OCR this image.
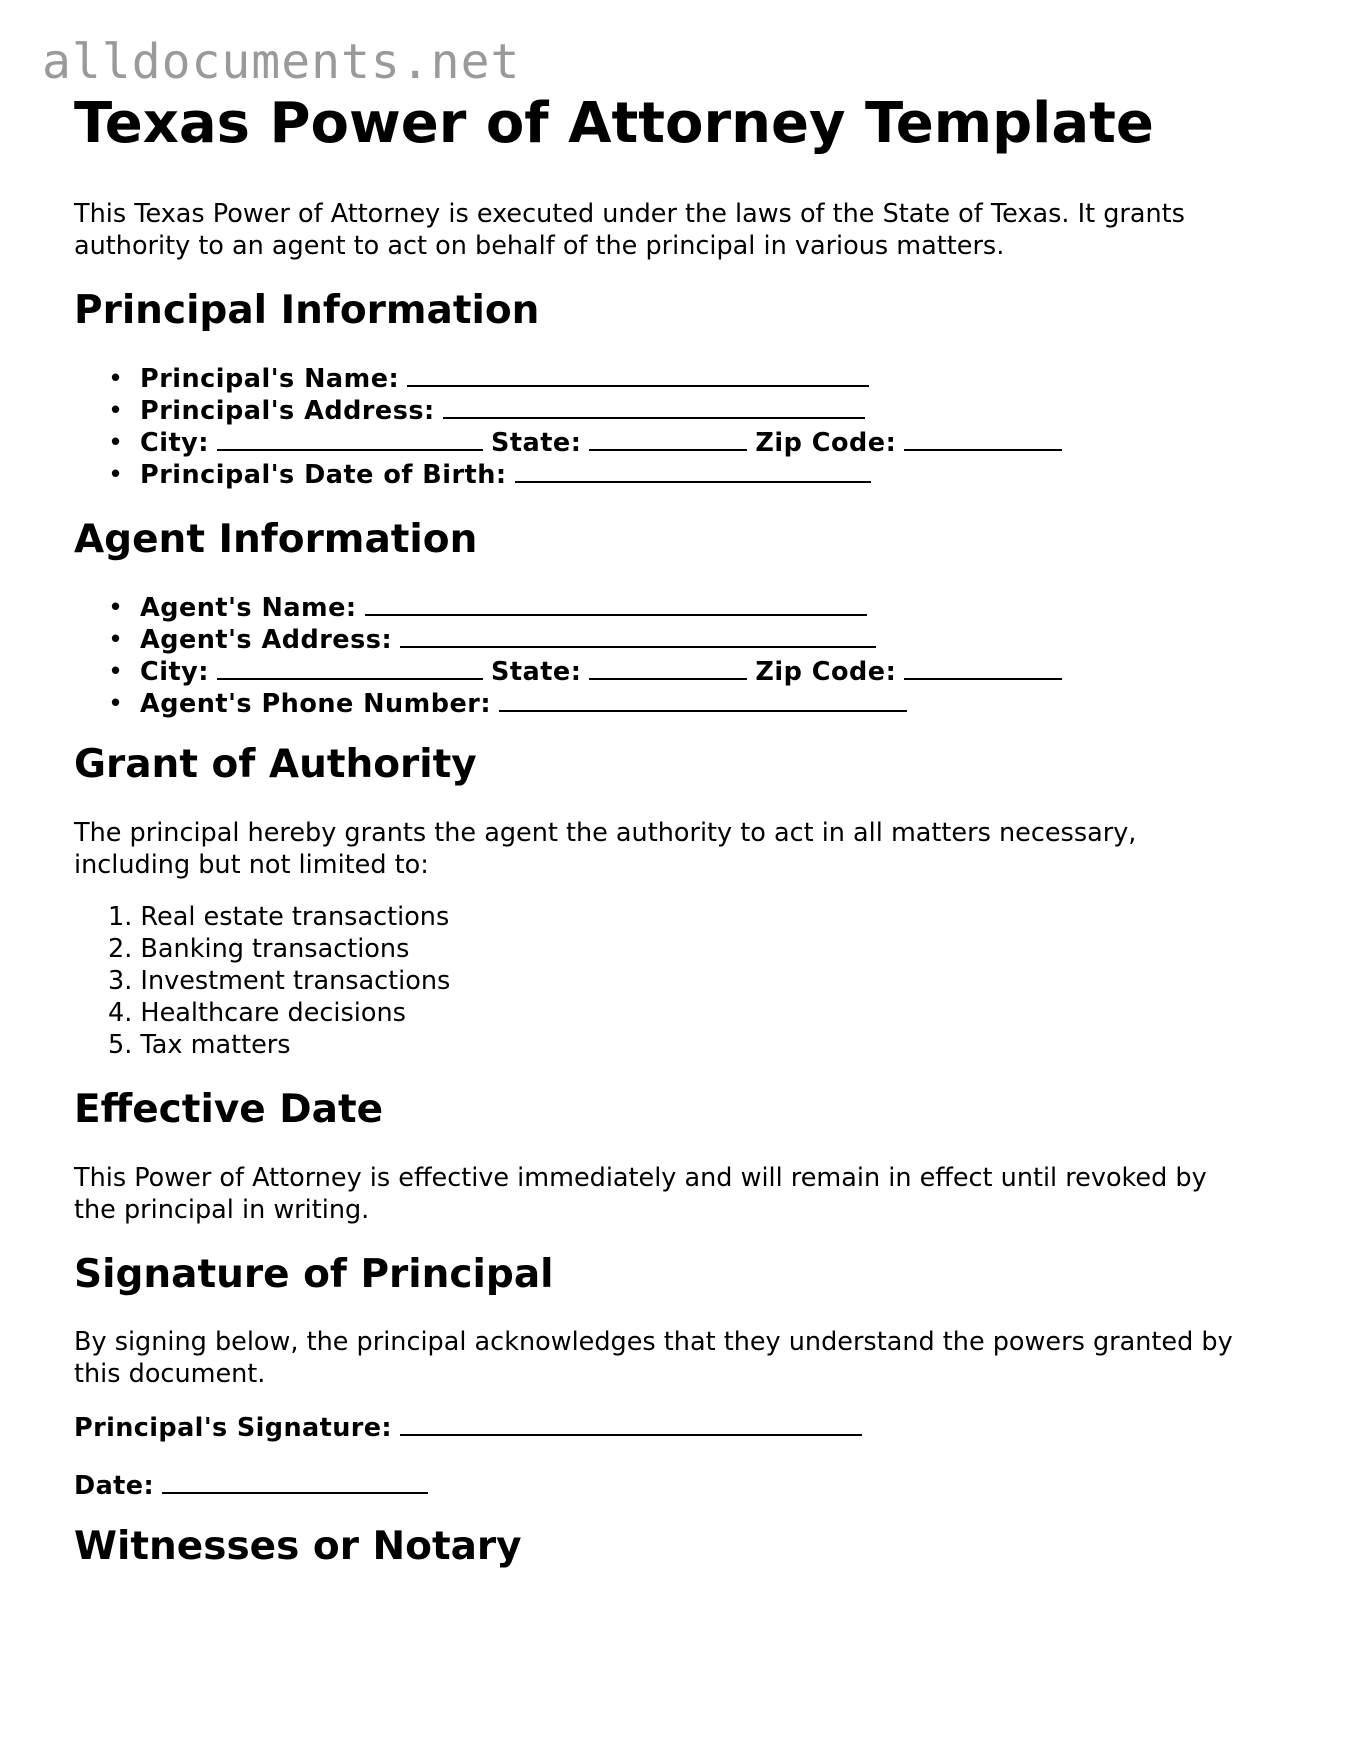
alldocuments.net
Texas Power of Attorney Template

This Texas Power of Attorney is executed under the laws of the State of Texas. It grants authority to an agent to act on behalf of the principal in various matters.

Principal Information
• Principal's Name:
• Principal's Address:
• City:	State:	Zip Code:
• Principal's Date of Birth:
Agent Information
• Agent's Name:
• Agent's Address:
• City:	State:	Zip Code:
• Agent's Phone Number:
Grant of Authority

The principal hereby grants the agent the authority to act in all matters necessary, including but not limited to:

1. Real estate transactions
2. Banking transactions
3. Investment transactions
4. Healthcare decisions
5. Tax matters
Effective Date

This Power of Attorney is effective immediately and will remain in effect until revoked by the principal in writing.

Signature of Principal

By signing below, the principal acknowledges that they understand the powers granted by this document.

Principal's Signature:

Date:

Witnesses or Notary
